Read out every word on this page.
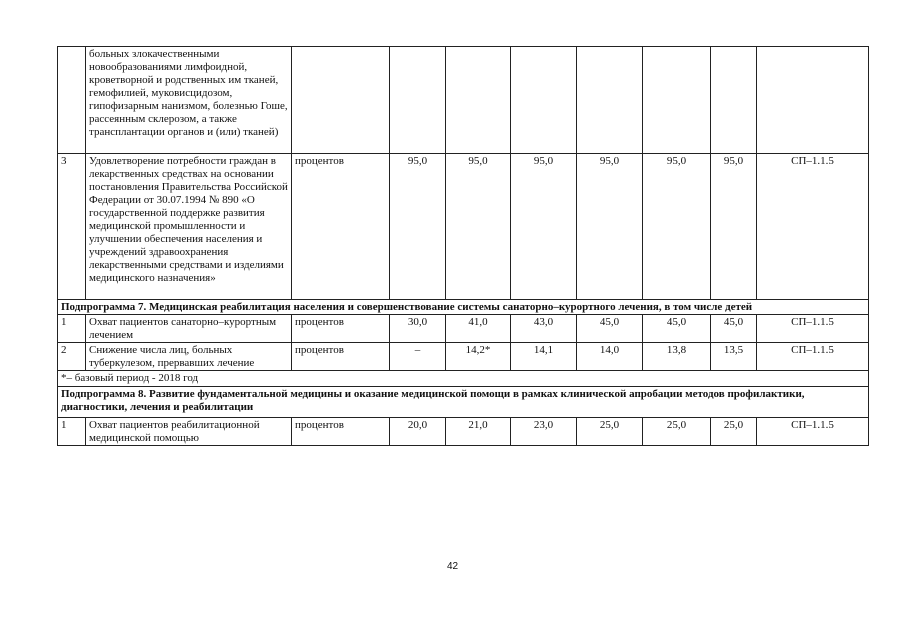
	больных злокачественными новообразованиями лимфоидной, кроветворной и родственных им тканей, гемофилией, муковисцидозом, гипофизарным нанизмом, болезнью Гоше, рассеянным склерозом, а также трансплантации органов и (или) тканей)								
3	Удовлетворение потребности граждан в лекарственных средствах на основании постановления Правительства Российской Федерации от 30.07.1994 № 890 «О государственной поддержке развития медицинской промышленности и улучшении обеспечения населения и учреждений здравоохранения лекарственными средствами и изделиями медицинского назначения»	процентов	95,0	95,0	95,0	95,0	95,0	95,0	СП–1.1.5
Подпрограмма 7. Медицинская реабилитация населения и совершенствование системы санаторно–курортного лечения, в том числе детей									
1	Охват пациентов санаторно–курортным лечением	процентов	30,0	41,0	43,0	45,0	45,0	45,0	СП–1.1.5
2	Снижение числа лиц, больных туберкулезом, прервавших лечение	процентов	–	14,2*	14,1	14,0	13,8	13,5	СП–1.1.5
*– базовый период - 2018 год									
Подпрограмма 8. Развитие фундаментальной медицины и оказание медицинской помощи в рамках клинической апробации методов профилактики, диагностики, лечения и реабилитации									
1	Охват пациентов реабилитационной медицинской помощью	процентов	20,0	21,0	23,0	25,0	25,0	25,0	СП–1.1.5
42
